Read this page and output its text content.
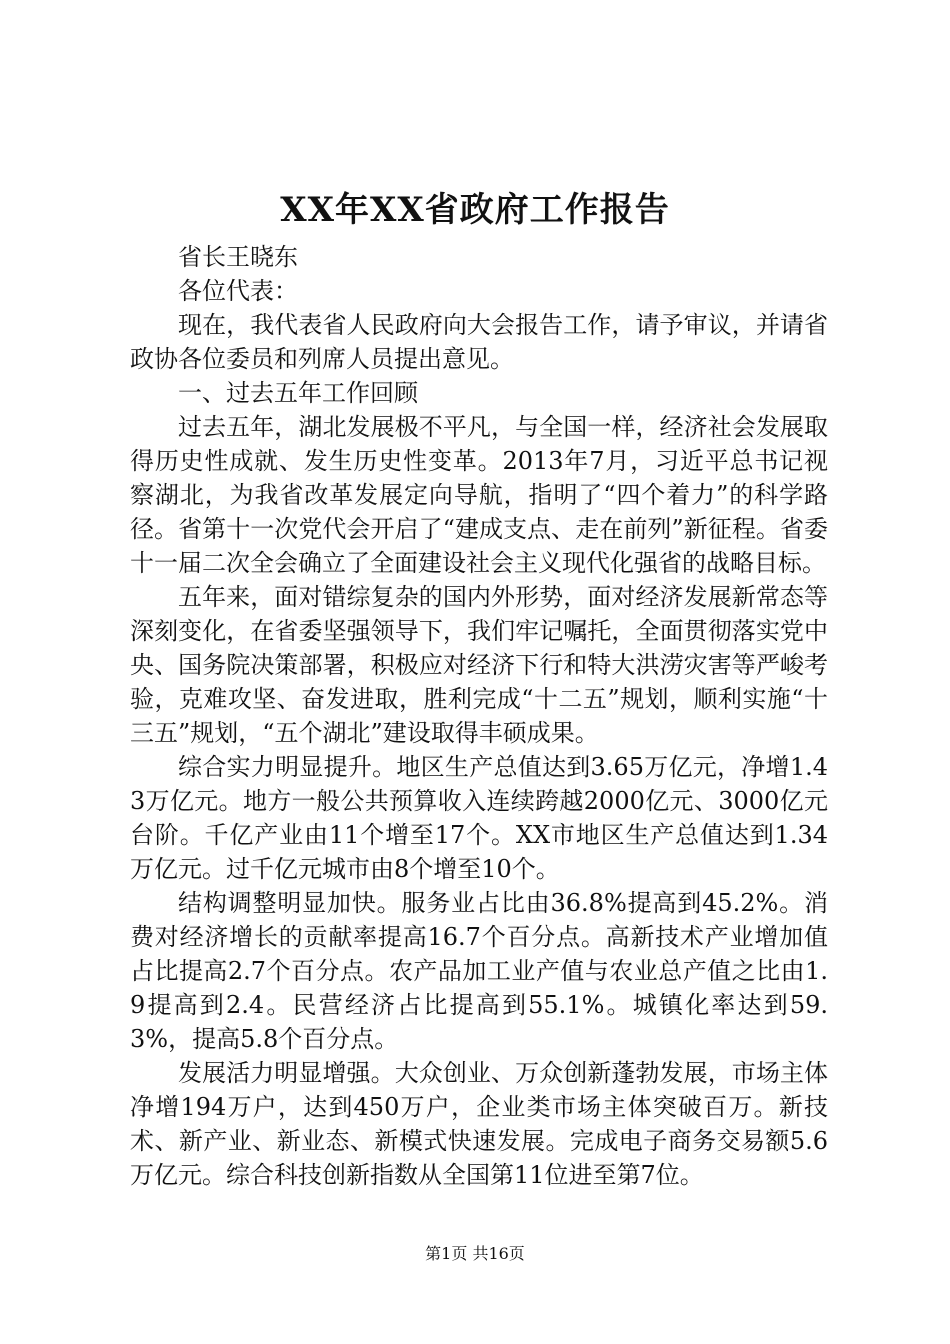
XX年XX省政府工作报告

省长王晓东

各位代表：

现在，我代表省人民政府向大会报告工作，请予审议，并请省政协各位委员和列席人员提出意见。

一、过去五年工作回顾

过去五年，湖北发展极不平凡，与全国一样，经济社会发展取得历史性成就、发生历史性变革。2013年7月，习近平总书记视察湖北，为我省改革发展定向导航，指明了“四个着力”的科学路径。省第十一次党代会开启了“建成支点、走在前列”新征程。省委十一届二次全会确立了全面建设社会主义现代化强省的战略目标。

五年来，面对错综复杂的国内外形势，面对经济发展新常态等深刻变化，在省委坚强领导下，我们牢记嘱托，全面贯彻落实党中央、国务院决策部署，积极应对经济下行和特大洪涝灾害等严峻考验，克难攻坚、奋发进取，胜利完成“十二五”规划，顺利实施“十三五”规划，“五个湖北”建设取得丰硕成果。

综合实力明显提升。地区生产总值达到3.65万亿元，净增1.43万亿元。地方一般公共预算收入连续跨越2000亿元、3000亿元台阶。千亿产业由11个增至17个。XX市地区生产总值达到1.34万亿元。过千亿元城市由8个增至10个。

结构调整明显加快。服务业占比由36.8%提高到45.2%。消费对经济增长的贡献率提高16.7个百分点。高新技术产业增加值占比提高2.7个百分点。农产品加工业产值与农业总产值之比由1.9提高到2.4。民营经济占比提高到55.1%。城镇化率达到59.3%，提高5.8个百分点。

发展活力明显增强。大众创业、万众创新蓬勃发展，市场主体净增194万户，达到450万户，企业类市场主体突破百万。新技术、新产业、新业态、新模式快速发展。完成电子商务交易额5.6万亿元。综合科技创新指数从全国第11位进至第7位。

第1页 共16页
